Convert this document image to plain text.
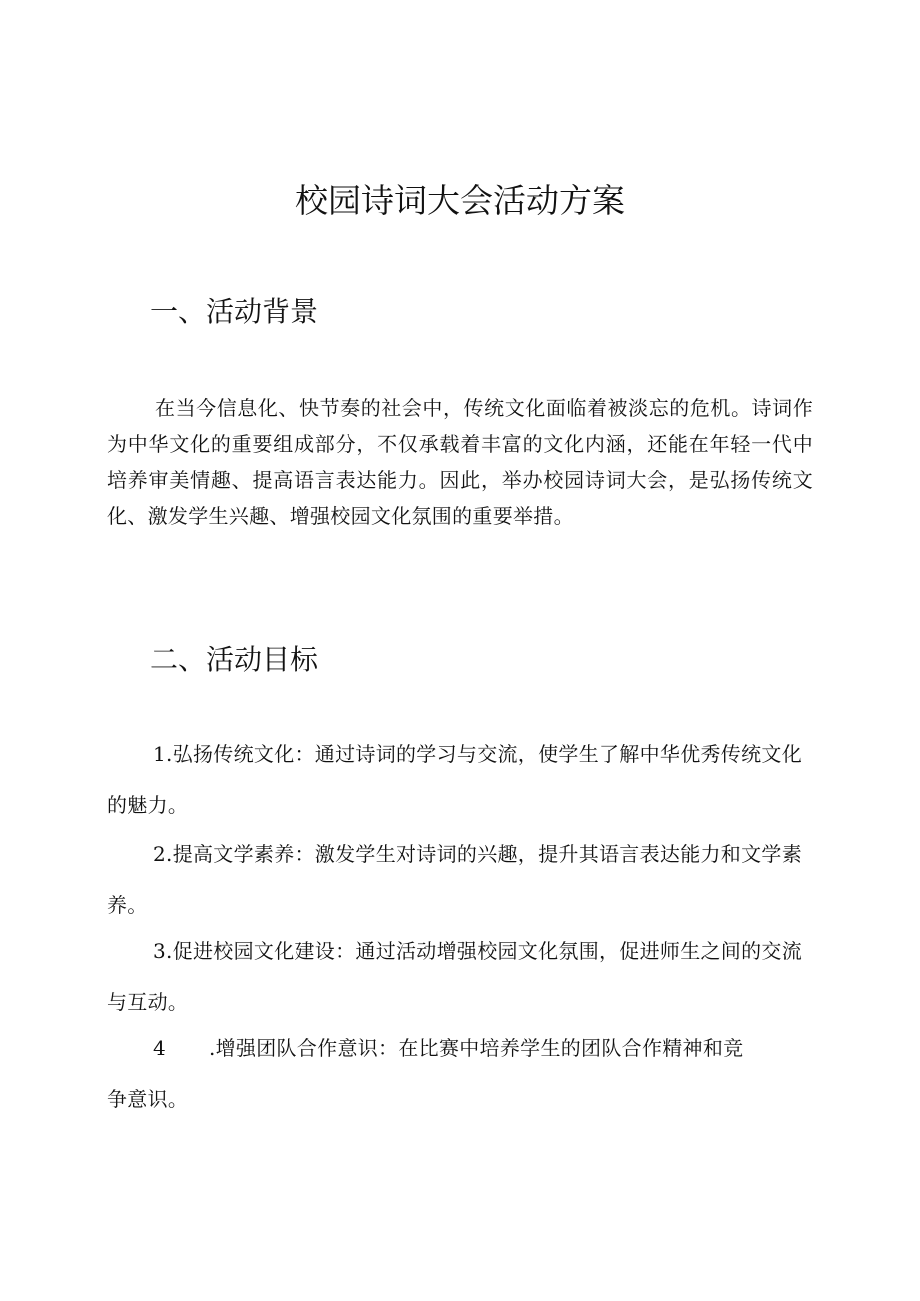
校园诗词大会活动方案
一、活动背景
在当今信息化、快节奏的社会中，传统文化面临着被淡忘的危机。诗词作为中华文化的重要组成部分，不仅承载着丰富的文化内涵，还能在年轻一代中培养审美情趣、提高语言表达能力。因此，举办校园诗词大会，是弘扬传统文化、激发学生兴趣、增强校园文化氛围的重要举措。
二、活动目标
1.弘扬传统文化：通过诗词的学习与交流，使学生了解中华优秀传统文化
的魅力。
2.提高文学素养：激发学生对诗词的兴趣，提升其语言表达能力和文学素
养。
3.促进校园文化建设：通过活动增强校园文化氛围，促进师生之间的交流
与互动。
4 .增强团队合作意识：在比赛中培养学生的团队合作精神和竞
争意识。
